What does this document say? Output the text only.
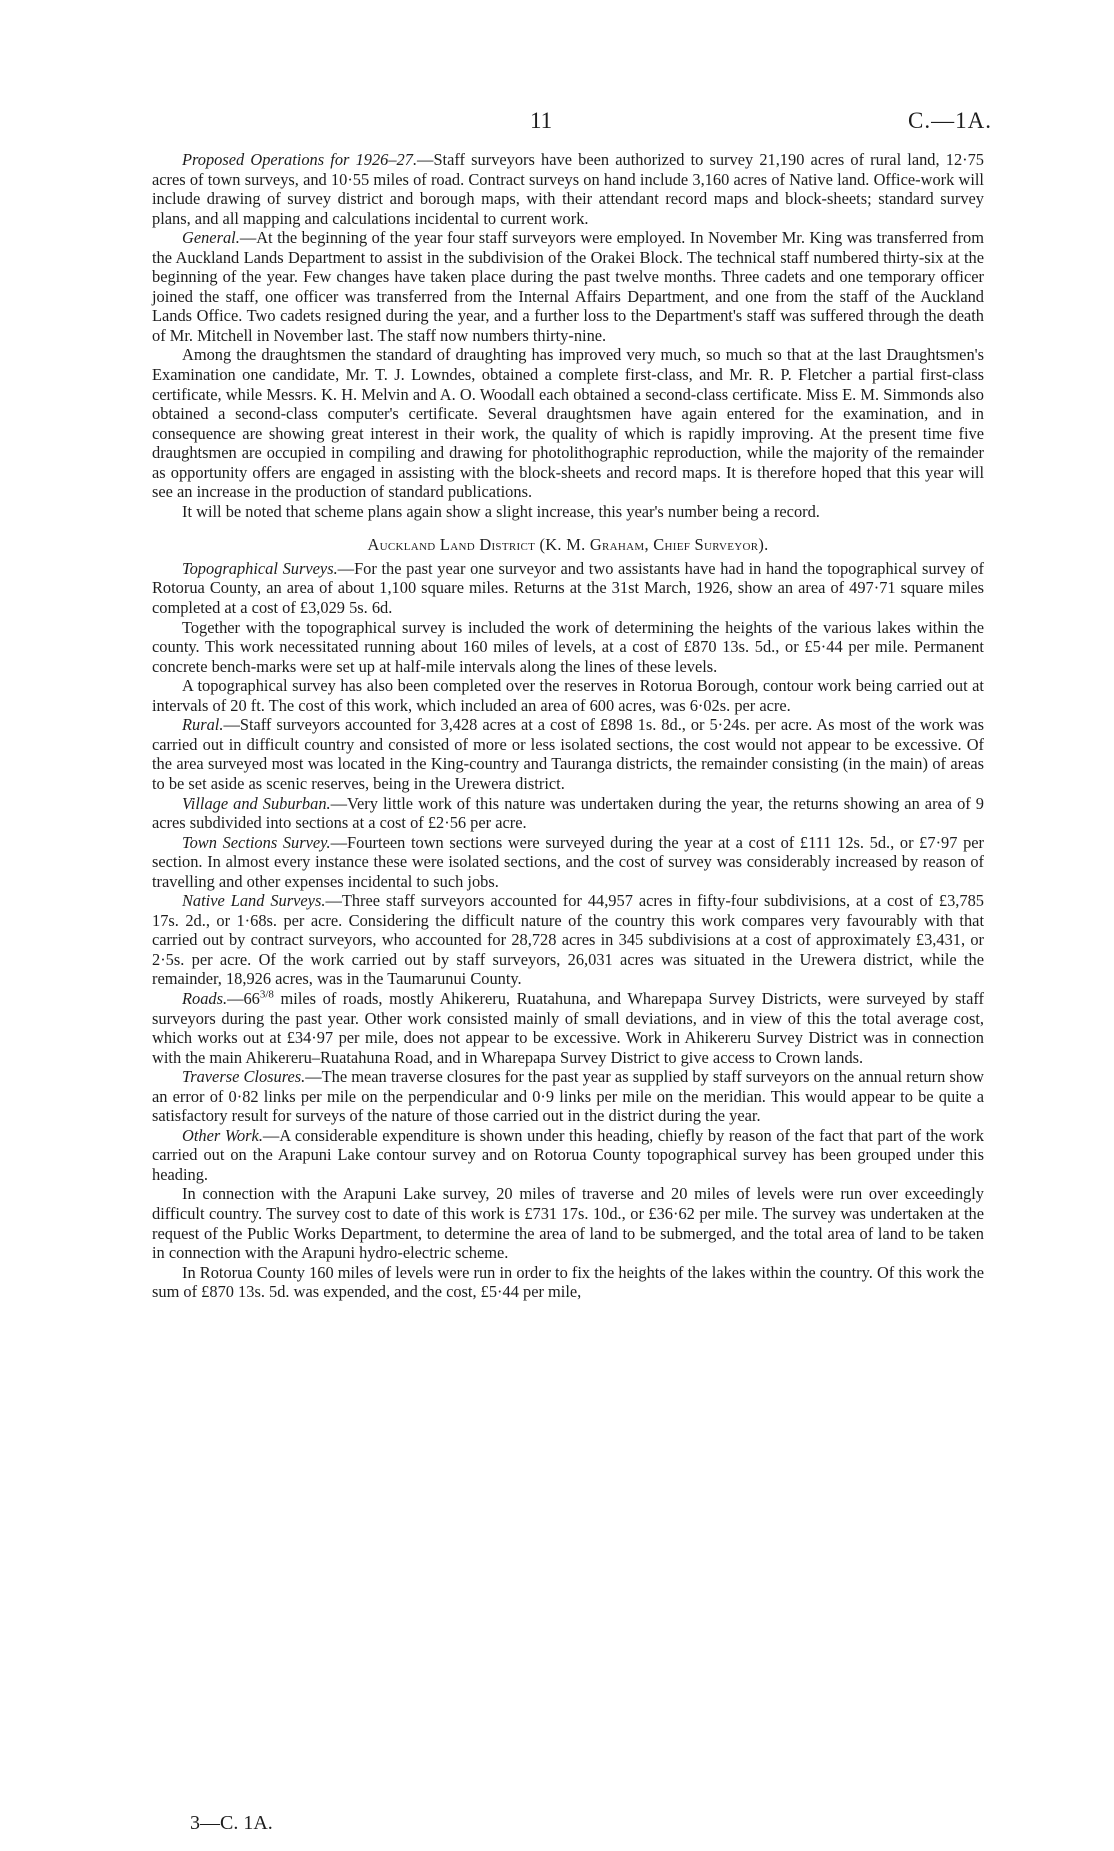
11	C.—1A.

Proposed Operations for 1926–27.—Staff surveyors have been authorized to survey 21,190 acres of rural land, 12·75 acres of town surveys, and 10·55 miles of road. Contract surveys on hand include 3,160 acres of Native land. Office-work will include drawing of survey district and borough maps, with their attendant record maps and block-sheets; standard survey plans, and all mapping and calculations incidental to current work.

General.—At the beginning of the year four staff surveyors were employed. In November Mr. King was transferred from the Auckland Lands Department to assist in the subdivision of the Orakei Block. The technical staff numbered thirty-six at the beginning of the year. Few changes have taken place during the past twelve months. Three cadets and one temporary officer joined the staff, one officer was transferred from the Internal Affairs Department, and one from the staff of the Auckland Lands Office. Two cadets resigned during the year, and a further loss to the Department's staff was suffered through the death of Mr. Mitchell in November last. The staff now numbers thirty-nine.

Among the draughtsmen the standard of draughting has improved very much, so much so that at the last Draughtsmen's Examination one candidate, Mr. T. J. Lowndes, obtained a complete first-class, and Mr. R. P. Fletcher a partial first-class certificate, while Messrs. K. H. Melvin and A. O. Woodall each obtained a second-class certificate. Miss E. M. Simmonds also obtained a second-class computer's certificate. Several draughtsmen have again entered for the examination, and in consequence are showing great interest in their work, the quality of which is rapidly improving. At the present time five draughtsmen are occupied in compiling and drawing for photolithographic reproduction, while the majority of the remainder as opportunity offers are engaged in assisting with the block-sheets and record maps. It is therefore hoped that this year will see an increase in the production of standard publications.

It will be noted that scheme plans again show a slight increase, this year's number being a record.

Auckland Land District (K. M. Graham, Chief Surveyor).

Topographical Surveys.—For the past year one surveyor and two assistants have had in hand the topographical survey of Rotorua County, an area of about 1,100 square miles. Returns at the 31st March, 1926, show an area of 497·71 square miles completed at a cost of £3,029 5s. 6d.

Together with the topographical survey is included the work of determining the heights of the various lakes within the county. This work necessitated running about 160 miles of levels, at a cost of £870 13s. 5d., or £5·44 per mile. Permanent concrete bench-marks were set up at half-mile intervals along the lines of these levels.

A topographical survey has also been completed over the reserves in Rotorua Borough, contour work being carried out at intervals of 20 ft. The cost of this work, which included an area of 600 acres, was 6·02s. per acre.

Rural.—Staff surveyors accounted for 3,428 acres at a cost of £898 1s. 8d., or 5·24s. per acre. As most of the work was carried out in difficult country and consisted of more or less isolated sections, the cost would not appear to be excessive. Of the area surveyed most was located in the King-country and Tauranga districts, the remainder consisting (in the main) of areas to be set aside as scenic reserves, being in the Urewera district.

Village and Suburban.—Very little work of this nature was undertaken during the year, the returns showing an area of 9 acres subdivided into sections at a cost of £2·56 per acre.

Town Sections Survey.—Fourteen town sections were surveyed during the year at a cost of £111 12s. 5d., or £7·97 per section. In almost every instance these were isolated sections, and the cost of survey was considerably increased by reason of travelling and other expenses incidental to such jobs.

Native Land Surveys.—Three staff surveyors accounted for 44,957 acres in fifty-four subdivisions, at a cost of £3,785 17s. 2d., or 1·68s. per acre. Considering the difficult nature of the country this work compares very favourably with that carried out by contract surveyors, who accounted for 28,728 acres in 345 subdivisions at a cost of approximately £3,431, or 2·5s. per acre. Of the work carried out by staff surveyors, 26,031 acres was situated in the Urewera district, while the remainder, 18,926 acres, was in the Taumarunui County.

$Roads.—66^{3/8}$ miles of roads, mostly Ahikereru, Ruatahuna, and Wharepapa Survey Districts, were surveyed by staff surveyors during the past year. Other work consisted mainly of small deviations, and in view of this the total average cost, which works out at £34·97 per mile, does not appear to be excessive. Work in Ahikereru Survey District was in connection with the main Ahikereru–Ruatahuna Road, and in Wharepapa Survey District to give access to Crown lands.

Traverse Closures.—The mean traverse closures for the past year as supplied by staff surveyors on the annual return show an error of 0·82 links per mile on the perpendicular and 0·9 links per mile on the meridian. This would appear to be quite a satisfactory result for surveys of the nature of those carried out in the district during the year.

Other Work.—A considerable expenditure is shown under this heading, chiefly by reason of the fact that part of the work carried out on the Arapuni Lake contour survey and on Rotorua County topographical survey has been grouped under this heading.

In connection with the Arapuni Lake survey, 20 miles of traverse and 20 miles of levels were run over exceedingly difficult country. The survey cost to date of this work is £731 17s. 10d., or £36·62 per mile. The survey was undertaken at the request of the Public Works Department, to determine the area of land to be submerged, and the total area of land to be taken in connection with the Arapuni hydro-electric scheme.

In Rotorua County 160 miles of levels were run in order to fix the heights of the lakes within the country. Of this work the sum of £870 13s. 5d. was expended, and the cost, £5·44 per mile,

3—C. 1A.
